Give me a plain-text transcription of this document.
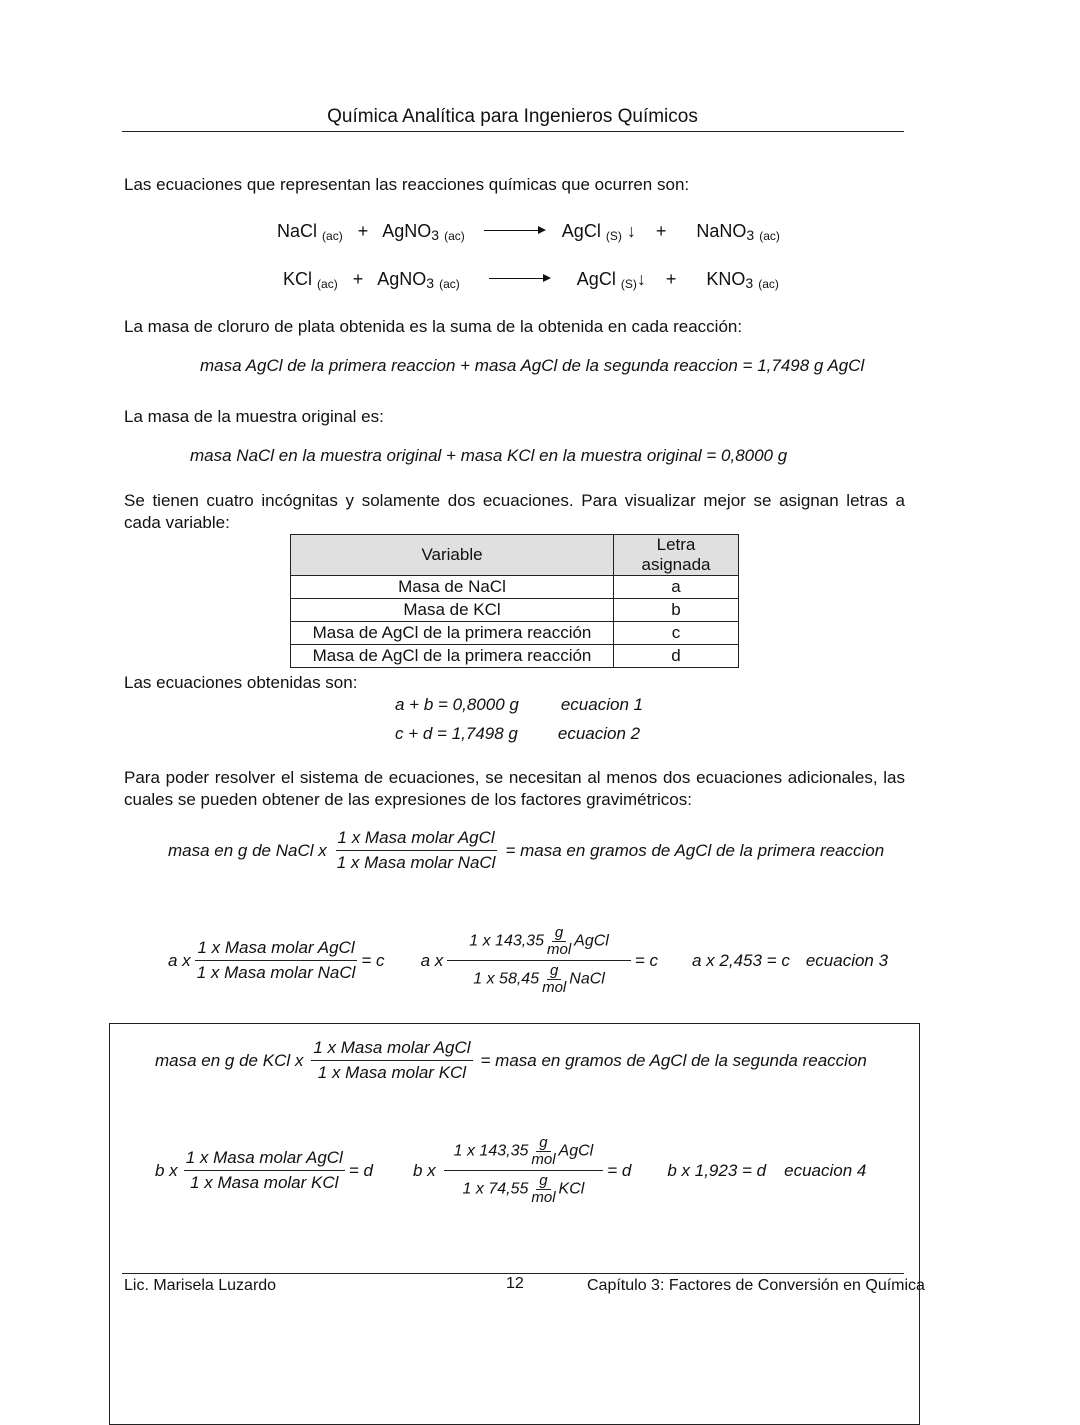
Química Analítica para Ingenieros Químicos
Las ecuaciones que representan las reacciones químicas que ocurren son:
NaCl $_{(ac)}$ + AgNO3 $_{(ac)}$ → AgCl $_{(S)}$ ↓ + NaNO3 $_{(ac)}$
KCl $_{(ac)}$ + AgNO3 $_{(ac)}$	AgCl $_{(S)}$↓ + KNO3 $_{(ac)}$
La masa de cloruro de plata obtenida es la suma de la obtenida en cada reacción:
masa AgCl de la primera reaccion + masa AgCl de la segunda reaccion = 1,7498 g AgCl
La masa de la muestra original es:
masa NaCl en la muestra original + masa KCl en la muestra original = 0,8000 g
Se tienen cuatro incógnitas y solamente dos ecuaciones. Para visualizar mejor se asignan letras a cada variable:
Variable	Letra asignada
Masa de NaCl	a
Masa de KCl	b
Masa de AgCl de la primera reacción	c
Masa de AgCl de la primera reacción	d
Las ecuaciones obtenidas son:
a + b = 0,8000 g ecuacion 1
c + d = 1,7498 g ecuacion 2
Para poder resolver el sistema de ecuaciones, se necesitan al menos dos ecuaciones adicionales, las cuales se pueden obtener de las expresiones de los factores gravimétricos:
masa en g de NaCl x $\frac{\text{1 x Masa molar AgCl}}{\text{1 x Masa molar NaCl}}$ = masa en gramos de AgCl de la primera reaccion
a x $\frac{\text{1 x Masa molar AgCl}}{\text{1 x Masa molar NaCl}} = c$ a x 1 x 143,35
g
mol AgCl
1 x 58,45
g
mol NaCl = c a x 2,453 = c ecuacion 3
masa en g de KCl x $\frac{\text{1 x Masa molar AgCl}}{\text{1 x Masa molar KCl}}$ = masa en gramos de AgCl de la segunda reaccion
b x $\frac{\text{1 x Masa molar AgCl}}{\text{1 x Masa molar KCl}} = d$ b x 1 x 143,35
g
mol AgCl
1 x 74,55
g
mol KCl = d b x 1,923 = d ecuacion 4
Lic. Marisela Luzardo	12	Capítulo 3: Factores de Conversión en Química
